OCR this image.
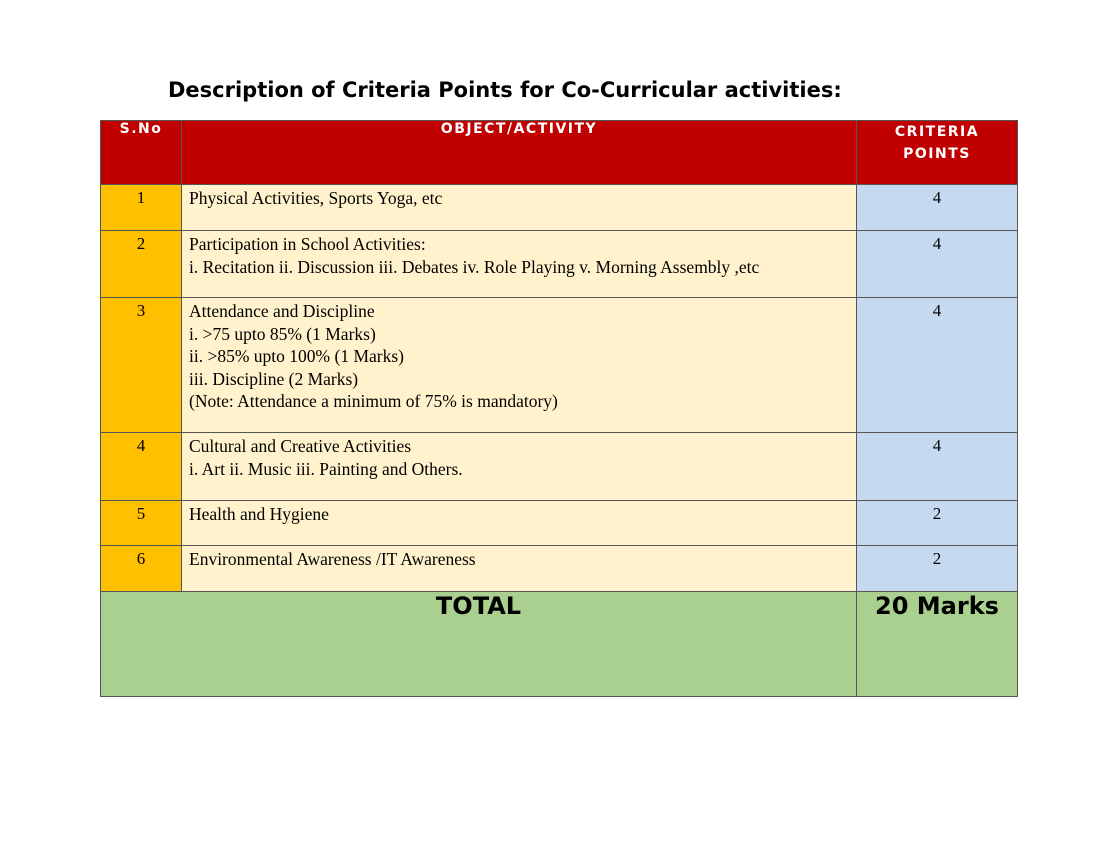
Description of Criteria Points for Co-Curricular activities:
S.No	OBJECT/ACTIVITY	CRITERIA
POINTS

1	Physical Activities, Sports Yoga, etc	4
2	Participation in School Activities:
i. Recitation ii. Discussion iii. Debates iv. Role Playing v. Morning Assembly ,etc	4
3	Attendance and Discipline
i. >75 upto 85% (1 Marks)
ii. >85% upto 100% (1 Marks)
iii. Discipline (2 Marks)
(Note: Attendance a minimum of 75% is mandatory)	4
4	Cultural and Creative Activities
i. Art ii. Music iii. Painting and Others.	4
5	Health and Hygiene	2
6	Environmental Awareness /IT Awareness	2
TOTAL		20 Marks
